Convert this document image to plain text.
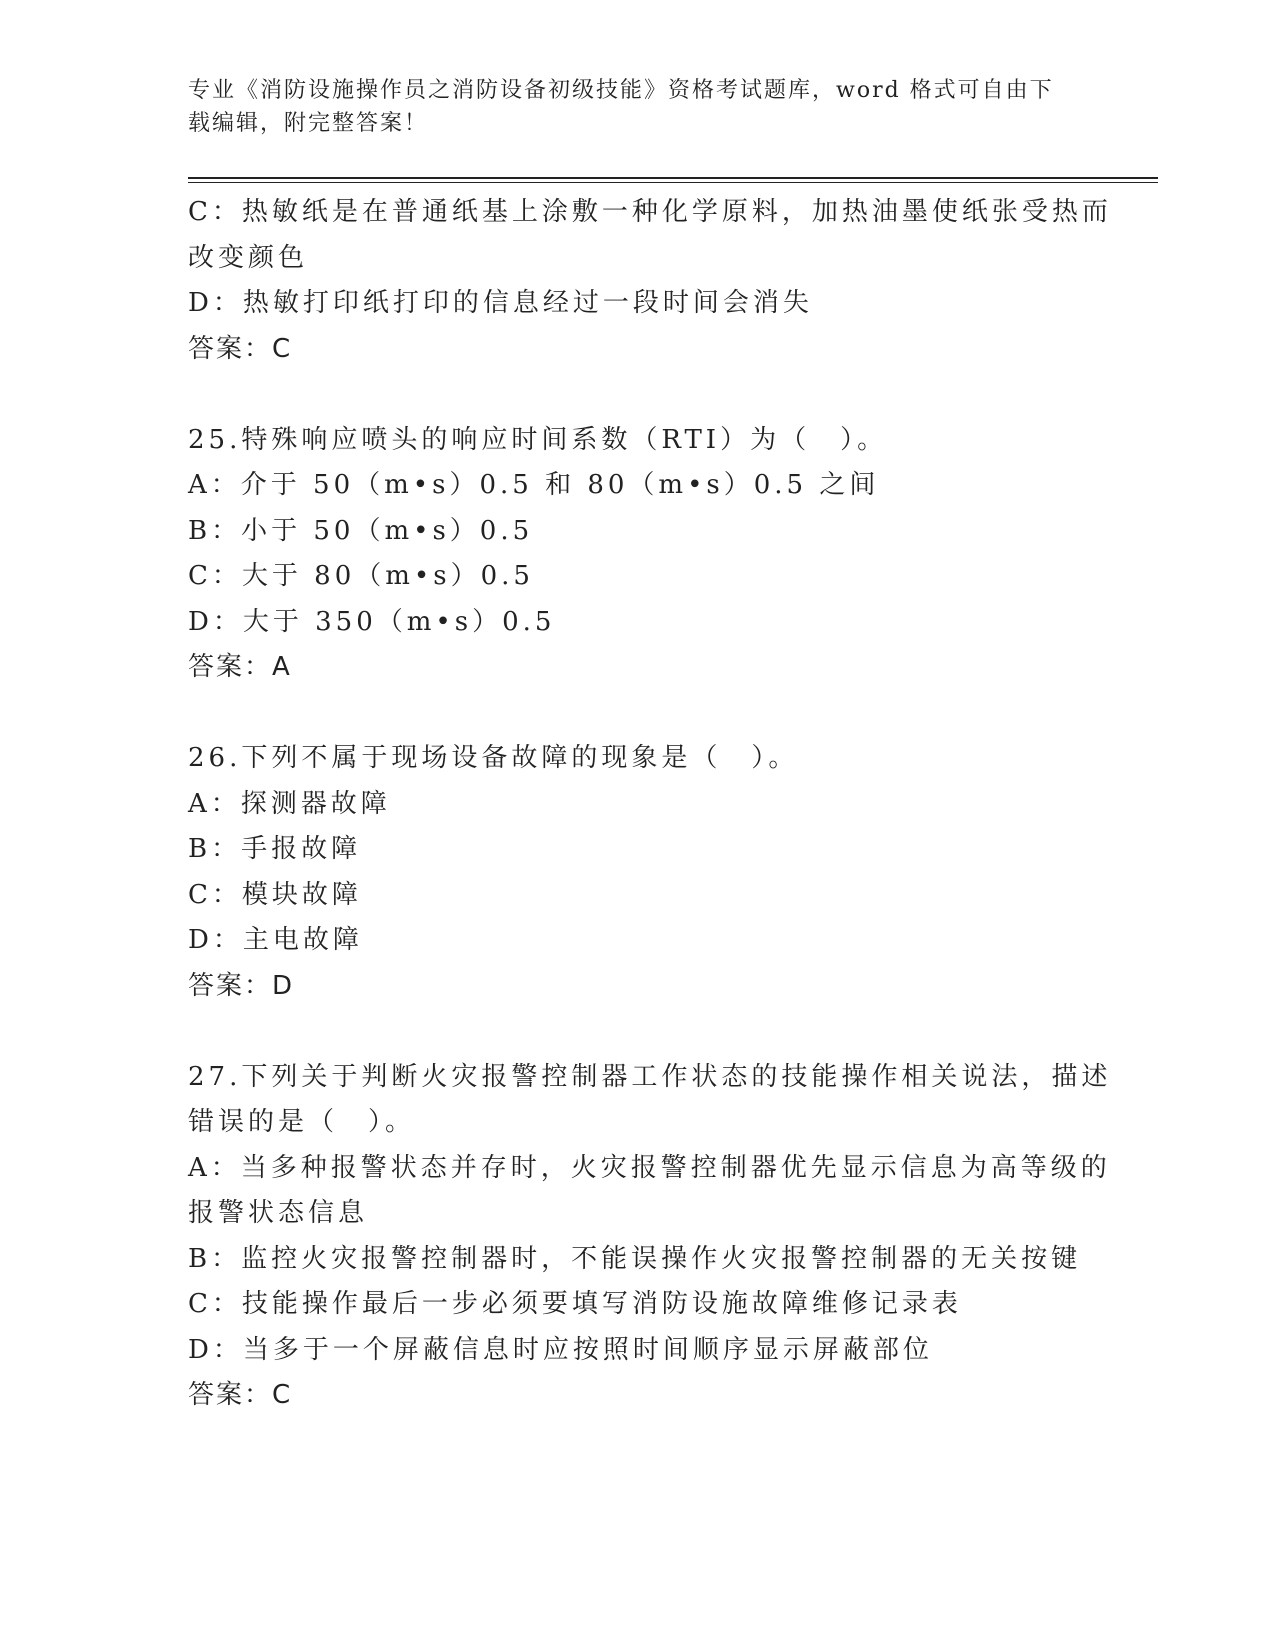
专业《消防设施操作员之消防设备初级技能》资格考试题库，word 格式可自由下
载编辑，附完整答案！
C：热敏纸是在普通纸基上涂敷一种化学原料，加热油墨使纸张受热而
改变颜色
D：热敏打印纸打印的信息经过一段时间会消失
答案：C
25.特殊响应喷头的响应时间系数（RTI）为（　）。
A：介于 50（m•s）0.5 和 80（m•s）0.5 之间
B：小于 50（m•s）0.5
C：大于 80（m•s）0.5
D：大于 350（m•s）0.5
答案：A
26.下列不属于现场设备故障的现象是（　）。
A：探测器故障
B：手报故障
C：模块故障
D：主电故障
答案：D
27.下列关于判断火灾报警控制器工作状态的技能操作相关说法，描述
错误的是（　）。
A：当多种报警状态并存时，火灾报警控制器优先显示信息为高等级的
报警状态信息
B：监控火灾报警控制器时，不能误操作火灾报警控制器的无关按键
C：技能操作最后一步必须要填写消防设施故障维修记录表
D：当多于一个屏蔽信息时应按照时间顺序显示屏蔽部位
答案：C
